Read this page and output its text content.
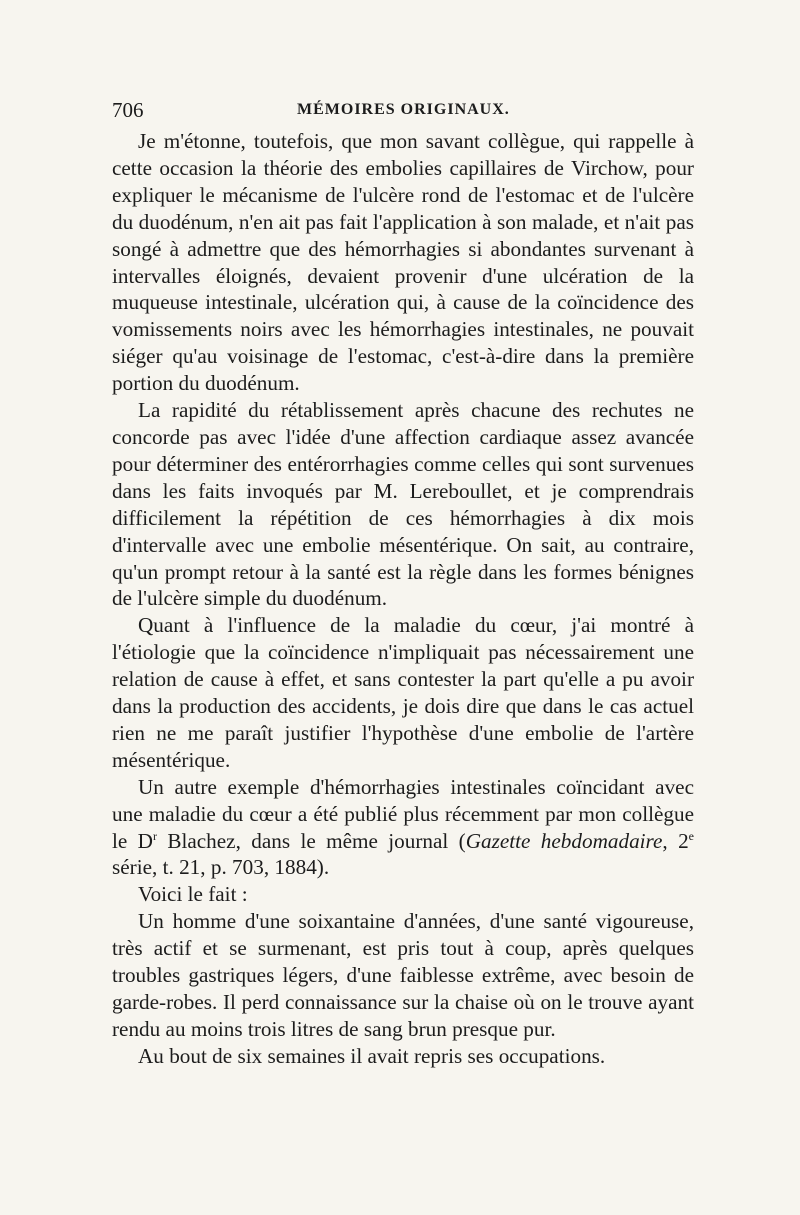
706	MÉMOIRES ORIGINAUX.

Je m'étonne, toutefois, que mon savant collègue, qui rappelle à cette occasion la théorie des embolies capillaires de Virchow, pour expliquer le mécanisme de l'ulcère rond de l'estomac et de l'ulcère du duodénum, n'en ait pas fait l'application à son malade, et n'ait pas songé à admettre que des hémorrhagies si abondantes survenant à intervalles éloignés, devaient provenir d'une ulcération de la muqueuse intestinale, ulcération qui, à cause de la coïncidence des vomissements noirs avec les hémorrhagies intestinales, ne pouvait siéger qu'au voisinage de l'estomac, c'est-à-dire dans la première portion du duodénum.

La rapidité du rétablissement après chacune des rechutes ne concorde pas avec l'idée d'une affection cardiaque assez avancée pour déterminer des entérorrhagies comme celles qui sont survenues dans les faits invoqués par M. Lereboullet, et je comprendrais difficilement la répétition de ces hémorrhagies à dix mois d'intervalle avec une embolie mésentérique. On sait, au contraire, qu'un prompt retour à la santé est la règle dans les formes bénignes de l'ulcère simple du duodénum.

Quant à l'influence de la maladie du cœur, j'ai montré à l'étiologie que la coïncidence n'impliquait pas nécessairement une relation de cause à effet, et sans contester la part qu'elle a pu avoir dans la production des accidents, je dois dire que dans le cas actuel rien ne me paraît justifier l'hypothèse d'une embolie de l'artère mésentérique.

Un autre exemple d'hémorrhagies intestinales coïncidant avec une maladie du cœur a été publié plus récemment par mon collègue le $D^r$ Blachez, dans le même journal (Gazette hebdomadaire, 2e série, t. 21, p. 703, 1884).

Voici le fait :

Un homme d'une soixantaine d'années, d'une santé vigoureuse, très actif et se surmenant, est pris tout à coup, après quelques troubles gastriques légers, d'une faiblesse extrême, avec besoin de garde-robes. Il perd connaissance sur la chaise où on le trouve ayant rendu au moins trois litres de sang brun presque pur.

Au bout de six semaines il avait repris ses occupations.
